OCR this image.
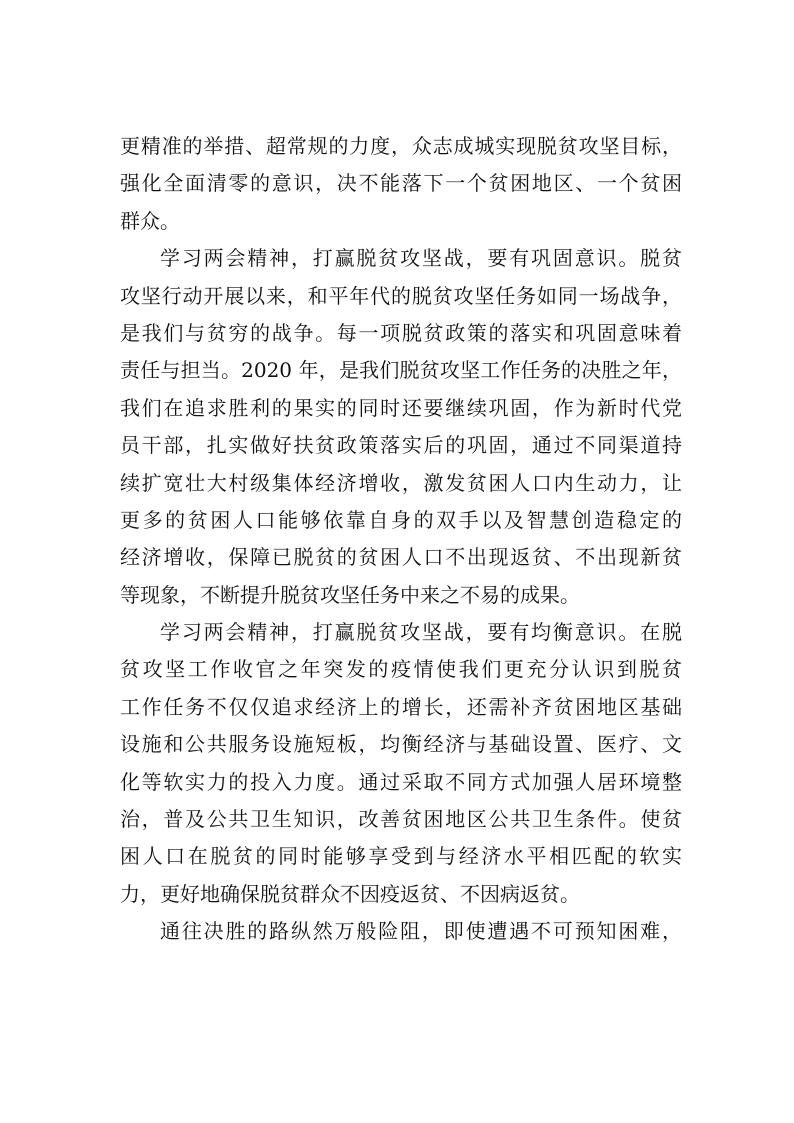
更精准的举措、超常规的力度，众志成城实现脱贫攻坚目标，
强化全面清零的意识，决不能落下一个贫困地区、一个贫困
群众。
学习两会精神，打赢脱贫攻坚战，要有巩固意识。脱贫
攻坚行动开展以来，和平年代的脱贫攻坚任务如同一场战争，
是我们与贫穷的战争。每一项脱贫政策的落实和巩固意味着
责任与担当。2020 年，是我们脱贫攻坚工作任务的决胜之年，
我们在追求胜利的果实的同时还要继续巩固，作为新时代党
员干部，扎实做好扶贫政策落实后的巩固，通过不同渠道持
续扩宽壮大村级集体经济增收，激发贫困人口内生动力，让
更多的贫困人口能够依靠自身的双手以及智慧创造稳定的
经济增收，保障已脱贫的贫困人口不出现返贫、不出现新贫
等现象，不断提升脱贫攻坚任务中来之不易的成果。
学习两会精神，打赢脱贫攻坚战，要有均衡意识。在脱
贫攻坚工作收官之年突发的疫情使我们更充分认识到脱贫
工作任务不仅仅追求经济上的增长，还需补齐贫困地区基础
设施和公共服务设施短板，均衡经济与基础设置、医疗、文
化等软实力的投入力度。通过采取不同方式加强人居环境整
治，普及公共卫生知识，改善贫困地区公共卫生条件。使贫
困人口在脱贫的同时能够享受到与经济水平相匹配的软实
力，更好地确保脱贫群众不因疫返贫、不因病返贫。
通往决胜的路纵然万般险阻，即使遭遇不可预知困难，
